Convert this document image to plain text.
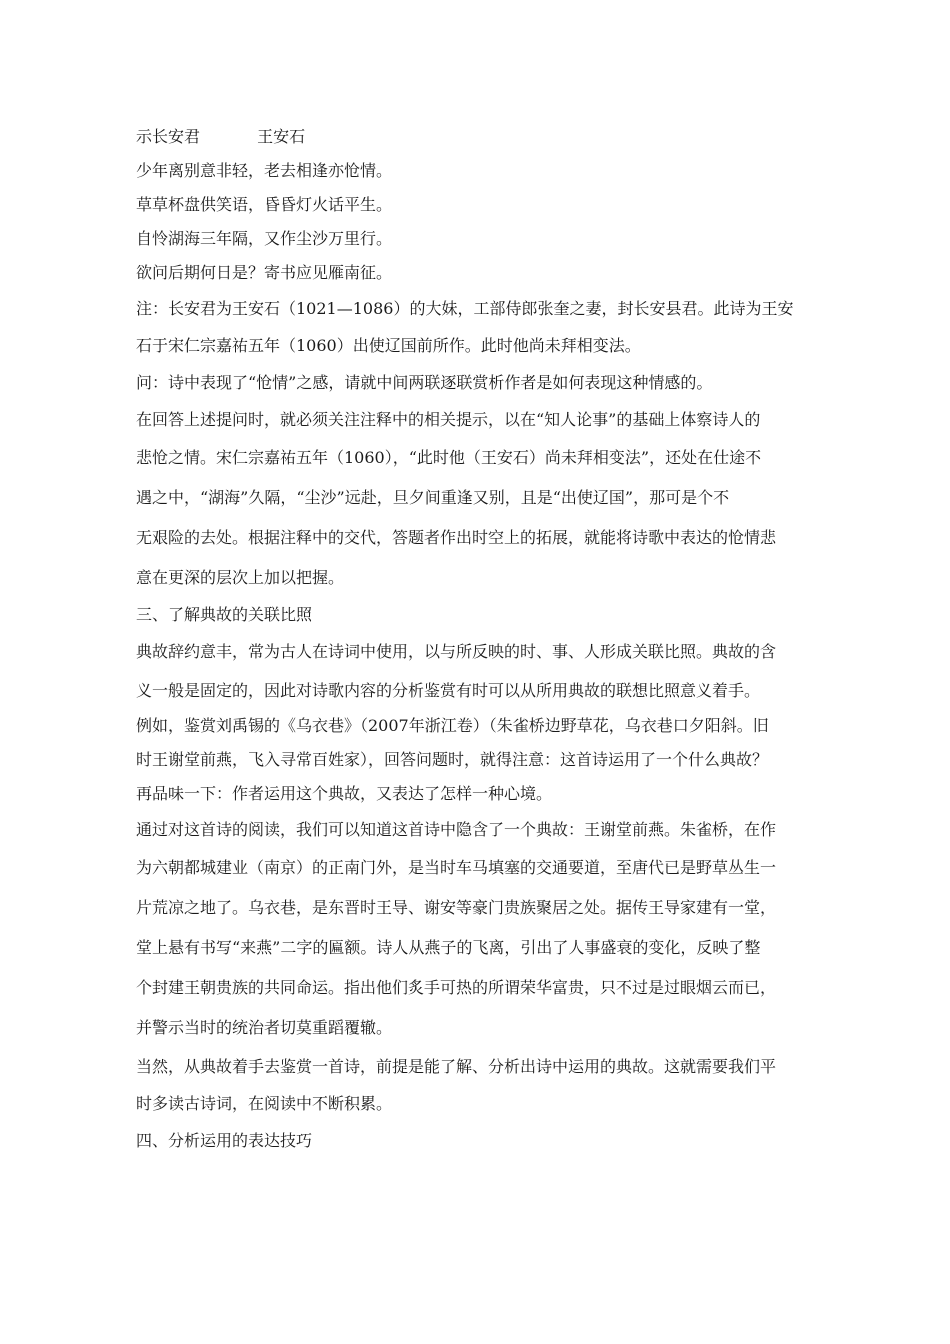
示长安君	王安石
少年离别意非轻，老去相逢亦怆情。
草草杯盘供笑语，昏昏灯火话平生。
自怜湖海三年隔，又作尘沙万里行。
欲问后期何日是？寄书应见雁南征。
注：长安君为王安石（1021—1086）的大妹，工部侍郎张奎之妻，封长安县君。此诗为王安
石于宋仁宗嘉祐五年（1060）出使辽国前所作。此时他尚未拜相变法。
问：诗中表现了“怆情”之感，请就中间两联逐联赏析作者是如何表现这种情感的。
在回答上述提问时，就必须关注注释中的相关提示，以在“知人论事”的基础上体察诗人的
悲怆之情。宋仁宗嘉祐五年（1060），“此时他（王安石）尚未拜相变法”，还处在仕途不
遇之中，“湖海”久隔，“尘沙”远赴，旦夕间重逢又别，且是“出使辽国”，那可是个不
无艰险的去处。根据注释中的交代，答题者作出时空上的拓展，就能将诗歌中表达的怆情悲
意在更深的层次上加以把握。
三、了解典故的关联比照
典故辞约意丰，常为古人在诗词中使用，以与所反映的时、事、人形成关联比照。典故的含
义一般是固定的，因此对诗歌内容的分析鉴赏有时可以从所用典故的联想比照意义着手。
例如，鉴赏刘禹锡的《乌衣巷》（2007年浙江卷）（朱雀桥边野草花，乌衣巷口夕阳斜。旧
时王谢堂前燕，飞入寻常百姓家），回答问题时，就得注意：这首诗运用了一个什么典故？
再品味一下：作者运用这个典故，又表达了怎样一种心境。
通过对这首诗的阅读，我们可以知道这首诗中隐含了一个典故：王谢堂前燕。朱雀桥，在作
为六朝都城建业（南京）的正南门外，是当时车马填塞的交通要道，至唐代已是野草丛生一
片荒凉之地了。乌衣巷，是东晋时王导、谢安等豪门贵族聚居之处。据传王导家建有一堂，
堂上悬有书写“来燕”二字的匾额。诗人从燕子的飞离，引出了人事盛衰的变化，反映了整
个封建王朝贵族的共同命运。指出他们炙手可热的所谓荣华富贵，只不过是过眼烟云而已，
并警示当时的统治者切莫重蹈覆辙。
当然，从典故着手去鉴赏一首诗，前提是能了解、分析出诗中运用的典故。这就需要我们平
时多读古诗词，在阅读中不断积累。
四、分析运用的表达技巧
